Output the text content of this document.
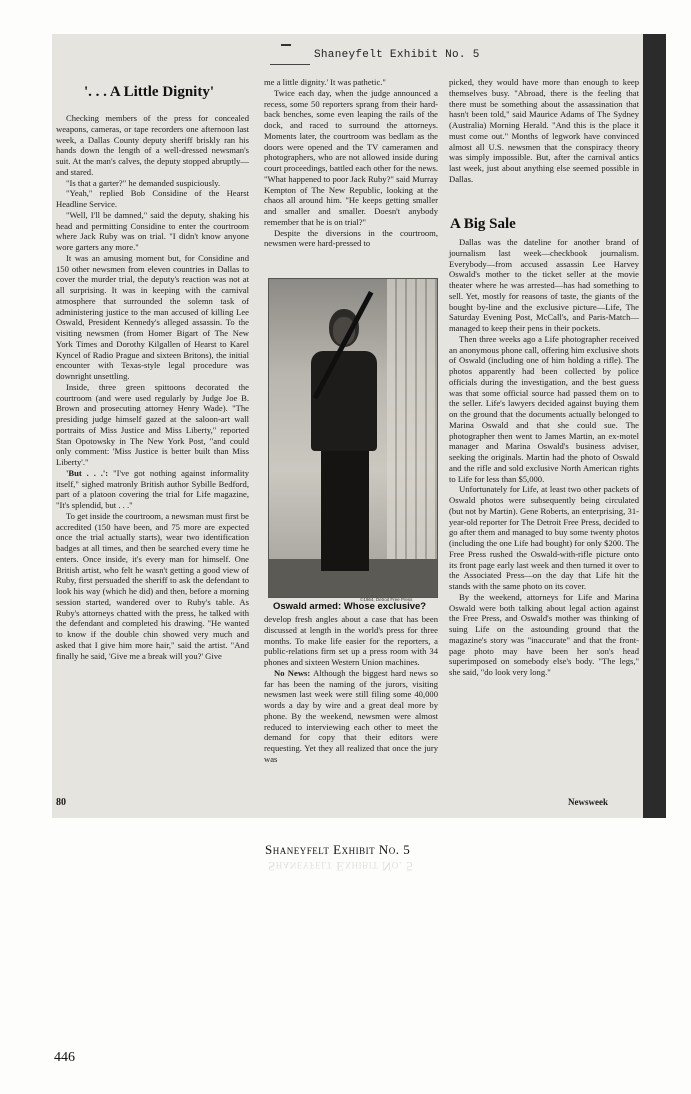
Shaneyfelt Exhibit No. 5
'. . . A Little Dignity'

Checking members of the press for concealed weapons, cameras, or tape recorders one afternoon last week, a Dallas County deputy sheriff briskly ran his hands down the length of a well-dressed newsman's suit. At the man's calves, the deputy stopped abruptly—and stared.

"Is that a garter?" he demanded suspiciously.

"Yeah," replied Bob Considine of the Hearst Headline Service.

"Well, I'll be damned," said the deputy, shaking his head and permitting Considine to enter the courtroom where Jack Ruby was on trial. "I didn't know anyone wore garters any more."

It was an amusing moment but, for Considine and 150 other newsmen from eleven countries in Dallas to cover the murder trial, the deputy's reaction was not at all surprising. It was in keeping with the carnival atmosphere that surrounded the solemn task of administering justice to the man accused of killing Lee Oswald, President Kennedy's alleged assassin. To the visiting newsmen (from Homer Bigart of The New York Times and Dorothy Kilgallen of Hearst to Karel Kyncel of Radio Prague and sixteen Britons), the initial encounter with Texas-style legal procedure was downright unsettling.

Inside, three green spittoons decorated the courtroom (and were used regularly by Judge Joe B. Brown and prosecuting attorney Henry Wade). "The presiding judge himself gazed at the saloon-art wall portraits of Miss Justice and Miss Liberty," reported Stan Opotowsky in The New York Post, "and could only comment: 'Miss Justice is better built than Miss Liberty'."

'But . . .': "I've got nothing against informality itself," sighed matronly British author Sybille Bedford, part of a platoon covering the trial for Life magazine, "It's splendid, but . . ."

To get inside the courtroom, a newsman must first be accredited (150 have been, and 75 more are expected once the trial actually starts), wear two identification badges at all times, and then be searched every time he enters. Once inside, it's every man for himself. One British artist, who felt he wasn't getting a good view of Ruby, first persuaded the sheriff to ask the defendant to look his way (which he did) and then, before a morning session started, wandered over to Ruby's table. As Ruby's attorneys chatted with the press, he talked with the defendant and completed his drawing. "He wanted to know if the double chin showed very much and asked that I give him more hair," said the artist. "And finally he said, 'Give me a break will you?' Give

me a little dignity.' It was pathetic."

Twice each day, when the judge announced a recess, some 50 reporters sprang from their hard-back benches, some even leaping the rails of the dock, and raced to surround the attorneys. Moments later, the courtroom was bedlam as the doors were opened and the TV cameramen and photographers, who are not allowed inside during court proceedings, battled each other for the news. "What happened to poor Jack Ruby?" said Murray Kempton of The New Republic, looking at the chaos all around him. "He keeps getting smaller and smaller and smaller. Doesn't anybody remember that he is on trial?"

Despite the diversions in the courtroom, newsmen were hard-pressed to

©1964, Detroit Free Press
Oswald armed: Whose exclusive?

develop fresh angles about a case that has been discussed at length in the world's press for three months. To make life easier for the reporters, a public-relations firm set up a press room with 34 phones and sixteen Western Union machines.

No News: Although the biggest hard news so far has been the naming of the jurors, visiting newsmen last week were still filing some 40,000 words a day by wire and a great deal more by phone. By the weekend, newsmen were almost reduced to interviewing each other to meet the demand for copy that their editors were requesting. Yet they all realized that once the jury was

picked, they would have more than enough to keep themselves busy. "Abroad, there is the feeling that there must be something about the assassination that hasn't been told," said Maurice Adams of The Sydney (Australia) Morning Herald. "And this is the place it must come out." Months of legwork have convinced almost all U.S. newsmen that the conspiracy theory was simply impossible. But, after the carnival antics last week, just about anything else seemed possible in Dallas.

A Big Sale

Dallas was the dateline for another brand of journalism last week—checkbook journalism. Everybody—from accused assassin Lee Harvey Oswald's mother to the ticket seller at the movie theater where he was arrested—has had something to sell. Yet, mostly for reasons of taste, the giants of the bought by-line and the exclusive picture—Life, The Saturday Evening Post, McCall's, and Paris-Match—managed to keep their pens in their pockets.

Then three weeks ago a Life photographer received an anonymous phone call, offering him exclusive shots of Oswald (including one of him holding a rifle). The photos apparently had been collected by police officials during the investigation, and the best guess was that some official source had passed them on to the seller. Life's lawyers decided against buying them on the ground that the documents actually belonged to Marina Oswald and that she could sue. The photographer then went to James Martin, an ex-motel manager and Marina Oswald's business adviser, seeking the originals. Martin had the photo of Oswald and the rifle and sold exclusive North American rights to Life for less than $5,000.

Unfortunately for Life, at least two other packets of Oswald photos were subsequently being circulated (but not by Martin). Gene Roberts, an enterprising, 31-year-old reporter for The Detroit Free Press, decided to go after them and managed to buy some twenty photos (including the one Life had bought) for only $200. The Free Press rushed the Oswald-with-rifle picture onto its front page early last week and then turned it over to the Associated Press—on the day that Life hit the stands with the same photo on its cover.

By the weekend, attorneys for Life and Marina Oswald were both talking about legal action against the Free Press, and Oswald's mother was thinking of suing Life on the astounding ground that the magazine's story was "inaccurate" and that the front-page photo may have been her son's head superimposed on somebody else's body. "The legs," she said, "do look very long."

80	Newsweek
Shaneyfelt Exhibit No. 5
Shaneyfelt Exhibit No. 5
446
